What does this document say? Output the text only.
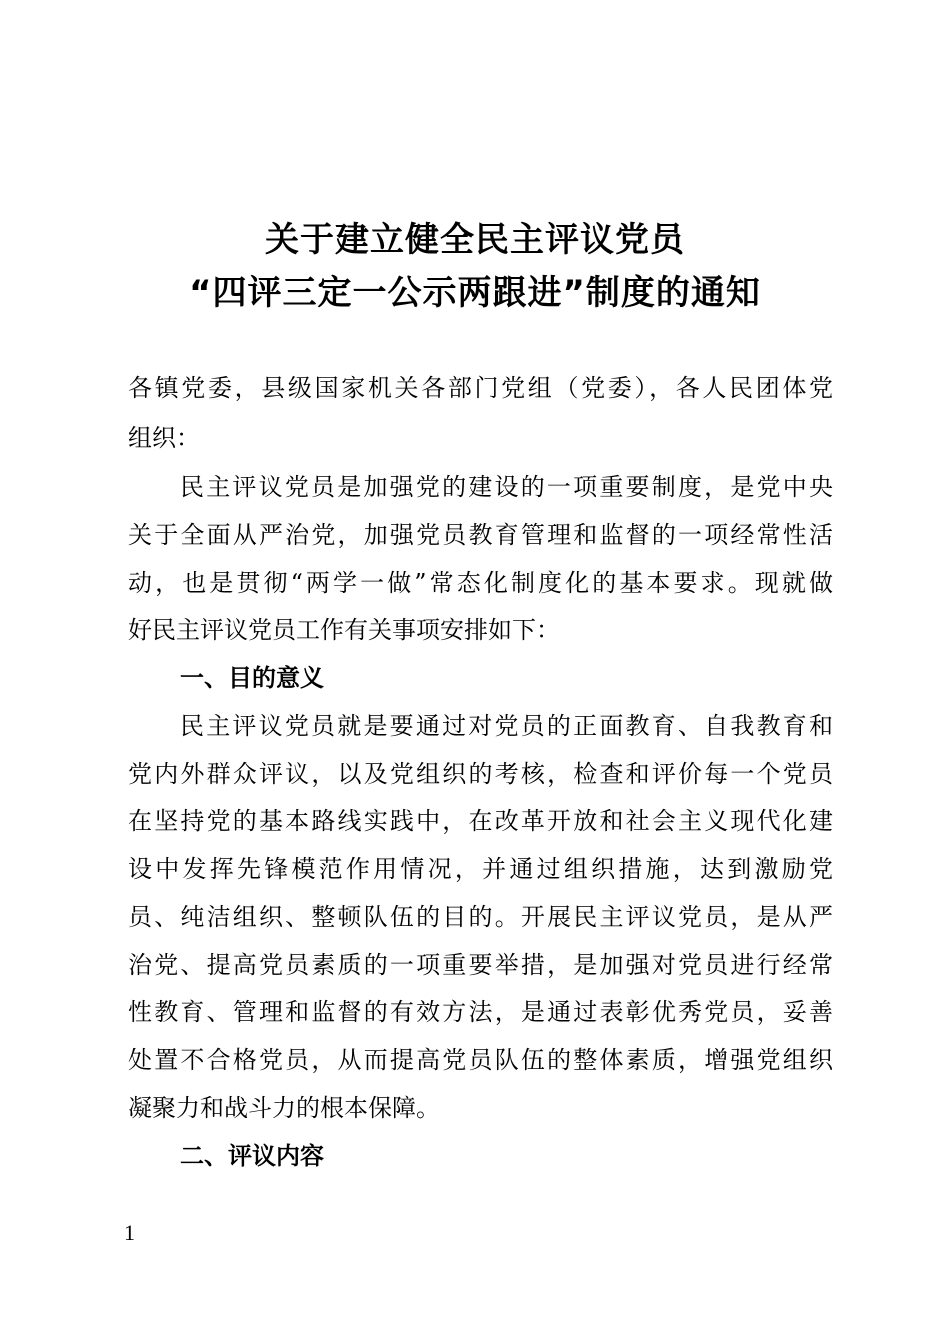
关于建立健全民主评议党员
“四评三定一公示两跟进”制度的通知
各镇党委，县级国家机关各部门党组（党委），各人民团体党
组织：
民主评议党员是加强党的建设的一项重要制度，是党中央
关于全面从严治党，加强党员教育管理和监督的一项经常性活
动，也是贯彻“两学一做”常态化制度化的基本要求。现就做
好民主评议党员工作有关事项安排如下：
一、目的意义
民主评议党员就是要通过对党员的正面教育、自我教育和
党内外群众评议，以及党组织的考核，检查和评价每一个党员
在坚持党的基本路线实践中，在改革开放和社会主义现代化建
设中发挥先锋模范作用情况，并通过组织措施，达到激励党
员、纯洁组织、整顿队伍的目的。开展民主评议党员，是从严
治党、提高党员素质的一项重要举措，是加强对党员进行经常
性教育、管理和监督的有效方法，是通过表彰优秀党员，妥善
处置不合格党员，从而提高党员队伍的整体素质，增强党组织
凝聚力和战斗力的根本保障。
二、评议内容
1
